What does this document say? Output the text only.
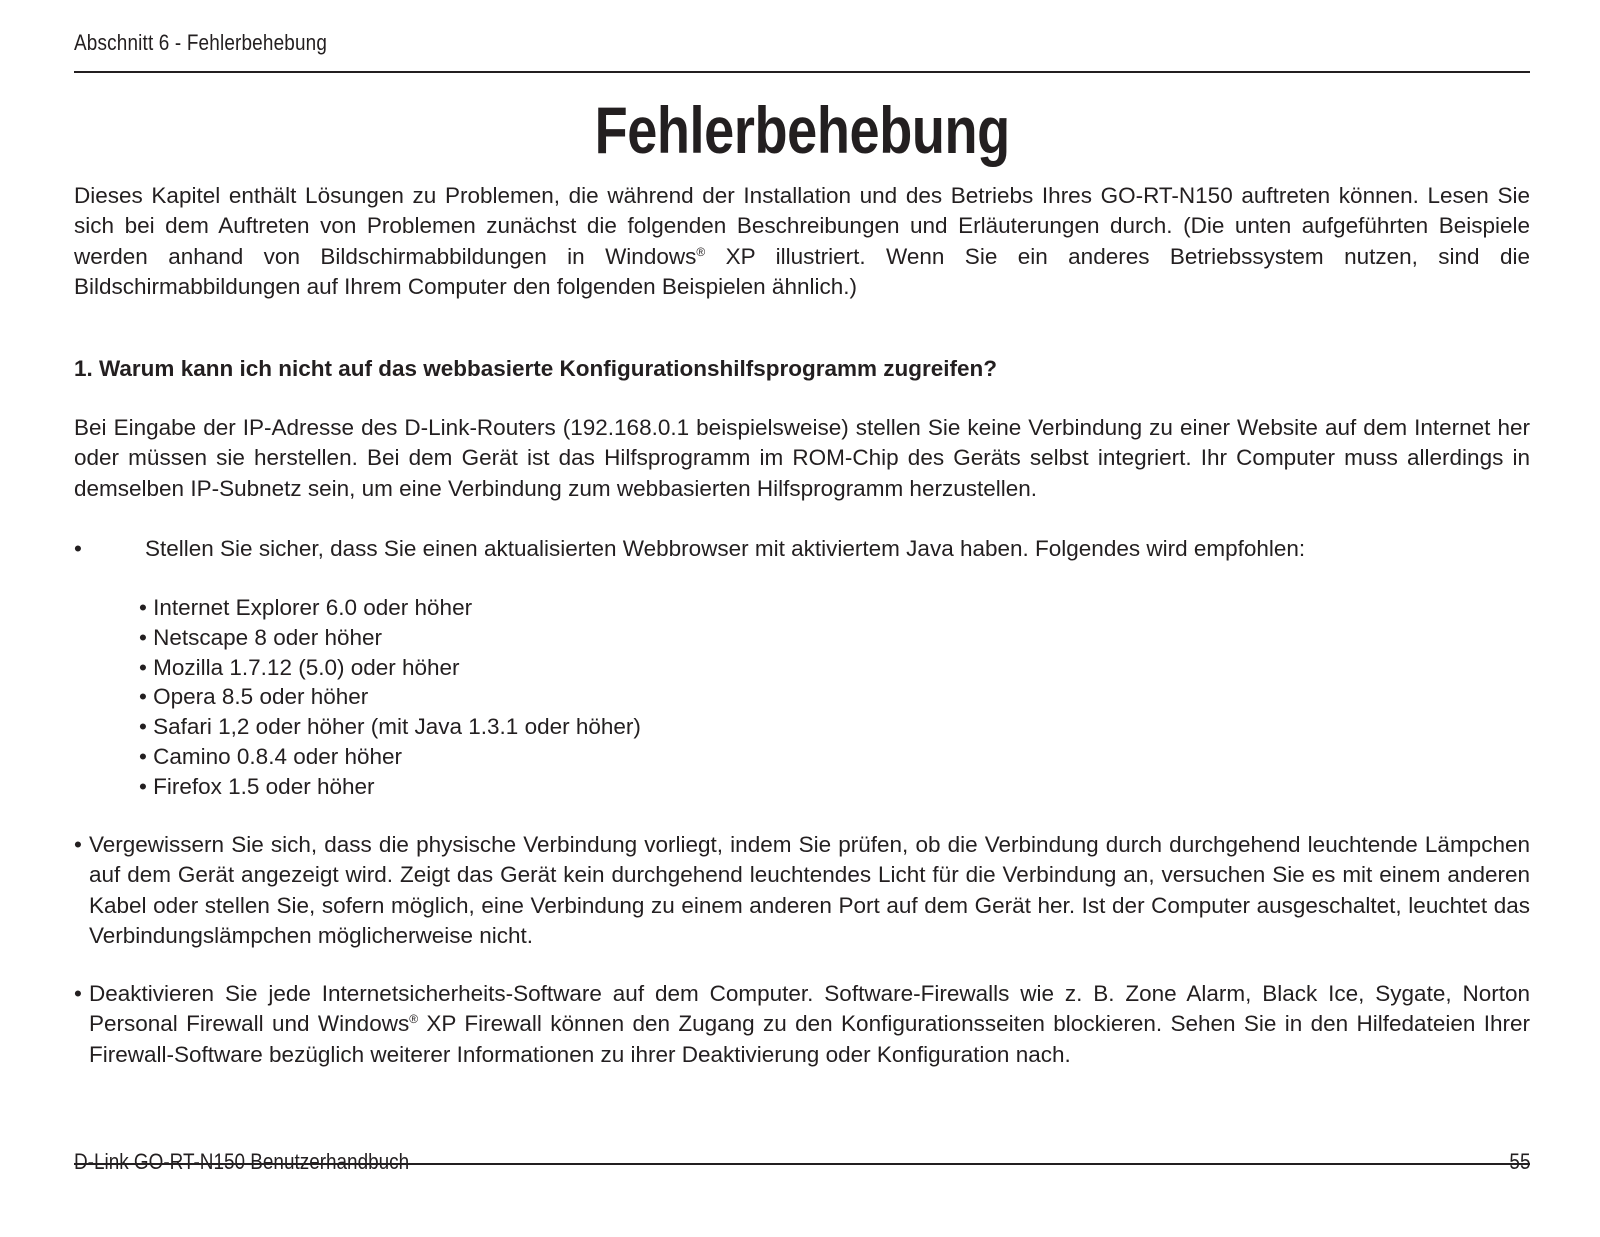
Abschnitt 6 - Fehlerbehebung
Fehlerbehebung
Dieses Kapitel enthält Lösungen zu Problemen, die während der Installation und des Betriebs Ihres GO-RT-N150 auftreten können. Lesen Sie sich bei dem Auftreten von Problemen zunächst die folgenden Beschreibungen und Erläuterungen durch. (Die unten aufgeführten Beispiele werden anhand von Bildschirmabbildungen in Windows® XP illustriert. Wenn Sie ein anderes Betriebssystem nutzen, sind die Bildschirmabbildungen auf Ihrem Computer den folgenden Beispielen ähnlich.)
1. Warum kann ich nicht auf das webbasierte Konfigurationshilfsprogramm zugreifen?
Bei Eingabe der IP-Adresse des D-Link-Routers (192.168.0.1 beispielsweise) stellen Sie keine Verbindung zu einer Website auf dem Internet her oder müssen sie herstellen. Bei dem Gerät ist das Hilfsprogramm im ROM-Chip des Geräts selbst integriert. Ihr Computer muss allerdings in demselben IP-Subnetz sein, um eine Verbindung zum webbasierten Hilfsprogramm herzustellen.
•	Stellen Sie sicher, dass Sie einen aktualisierten Webbrowser mit aktiviertem Java haben. Folgendes wird empfohlen:
• Internet Explorer 6.0 oder höher
• Netscape 8 oder höher
• Mozilla 1.7.12 (5.0) oder höher
• Opera 8.5 oder höher
• Safari 1,2 oder höher (mit Java 1.3.1 oder höher)
• Camino 0.8.4 oder höher
• Firefox 1.5 oder höher
• Vergewissern Sie sich, dass die physische Verbindung vorliegt, indem Sie prüfen, ob die Verbindung durch durchgehend leuchtende Lämpchen auf dem Gerät angezeigt wird. Zeigt das Gerät kein durchgehend leuchtendes Licht für die Verbindung an, versuchen Sie es mit einem anderen Kabel oder stellen Sie, sofern möglich, eine Verbindung zu einem anderen Port auf dem Gerät her. Ist der Computer ausgeschaltet, leuchtet das Verbindungslämpchen möglicherweise nicht.
• Deaktivieren Sie jede Internetsicherheits-Software auf dem Computer. Software-Firewalls wie z. B. Zone Alarm, Black Ice, Sygate, Norton Personal Firewall und Windows® XP Firewall können den Zugang zu den Konfigurationsseiten blockieren. Sehen Sie in den Hilfedateien Ihrer Firewall-Software bezüglich weiterer Informationen zu ihrer Deaktivierung oder Konfiguration nach.
D-Link GO-RT-N150 Benutzerhandbuch	55
